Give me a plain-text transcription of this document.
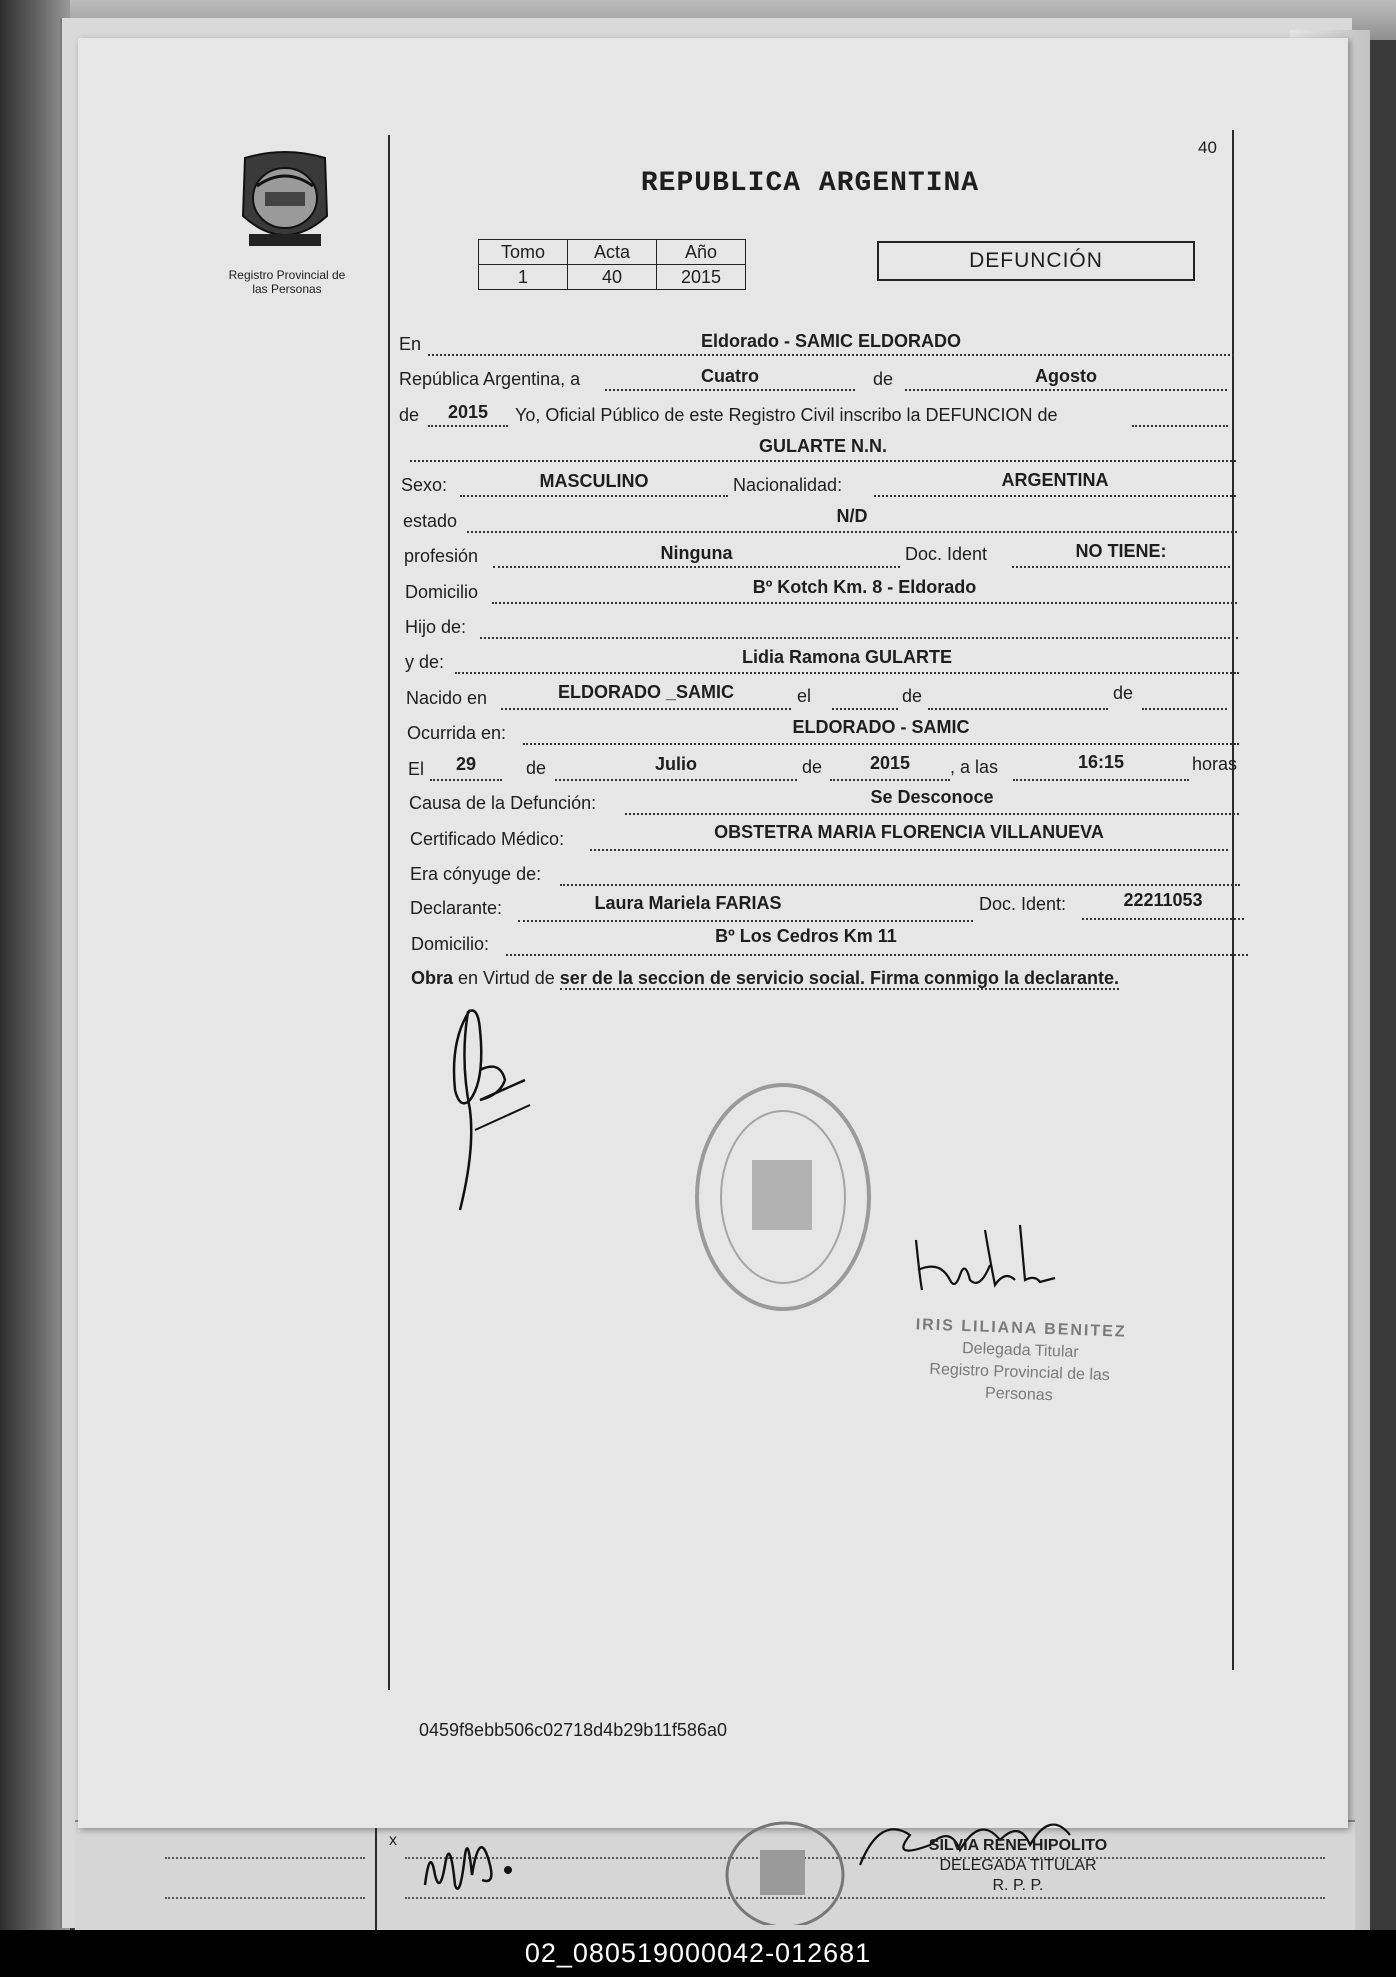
Registro Provincial de
las Personas
40
REPUBLICA ARGENTINA
Tomo	Acta	Año
1	40	2015
DEFUNCIÓN
En	Eldorado - SAMIC ELDORADO
República Argentina, a	Cuatro	de	Agosto
de	2015	Yo, Oficial Público de este Registro Civil inscribo la DEFUNCION de
GULARTE N.N.
Sexo:	MASCULINO	Nacionalidad:	ARGENTINA
estado	N/D
profesión	Ninguna	Doc. Ident	NO TIENE:
Domicilio	Bº Kotch Km. 8 - Eldorado
Hijo de:
y de:	Lidia Ramona GULARTE
Nacido en	ELDORADO _SAMIC	el	de	de
Ocurrida en:	ELDORADO - SAMIC
El	29	de	Julio	de	2015	, a las	16:15	horas
Causa de la Defunción:	Se Desconoce
Certificado Médico:	OBSTETRA MARIA FLORENCIA VILLANUEVA
Era cónyuge de:
Declarante:	Laura Mariela FARIAS	Doc. Ident:	22211053
Domicilio:	Bº Los Cedros Km 11
Obra en Virtud de ser de la seccion de servicio social. Firma conmigo la declarante.
IRIS LILIANA BENITEZ
Delegada Titular
Registro Provincial de las Personas
0459f8ebb506c02718d4b29b11f586a0
x	SILVIA RENE HIPOLITO
DELEGADA TITULAR
R. P. P.
02_080519000042-012681
